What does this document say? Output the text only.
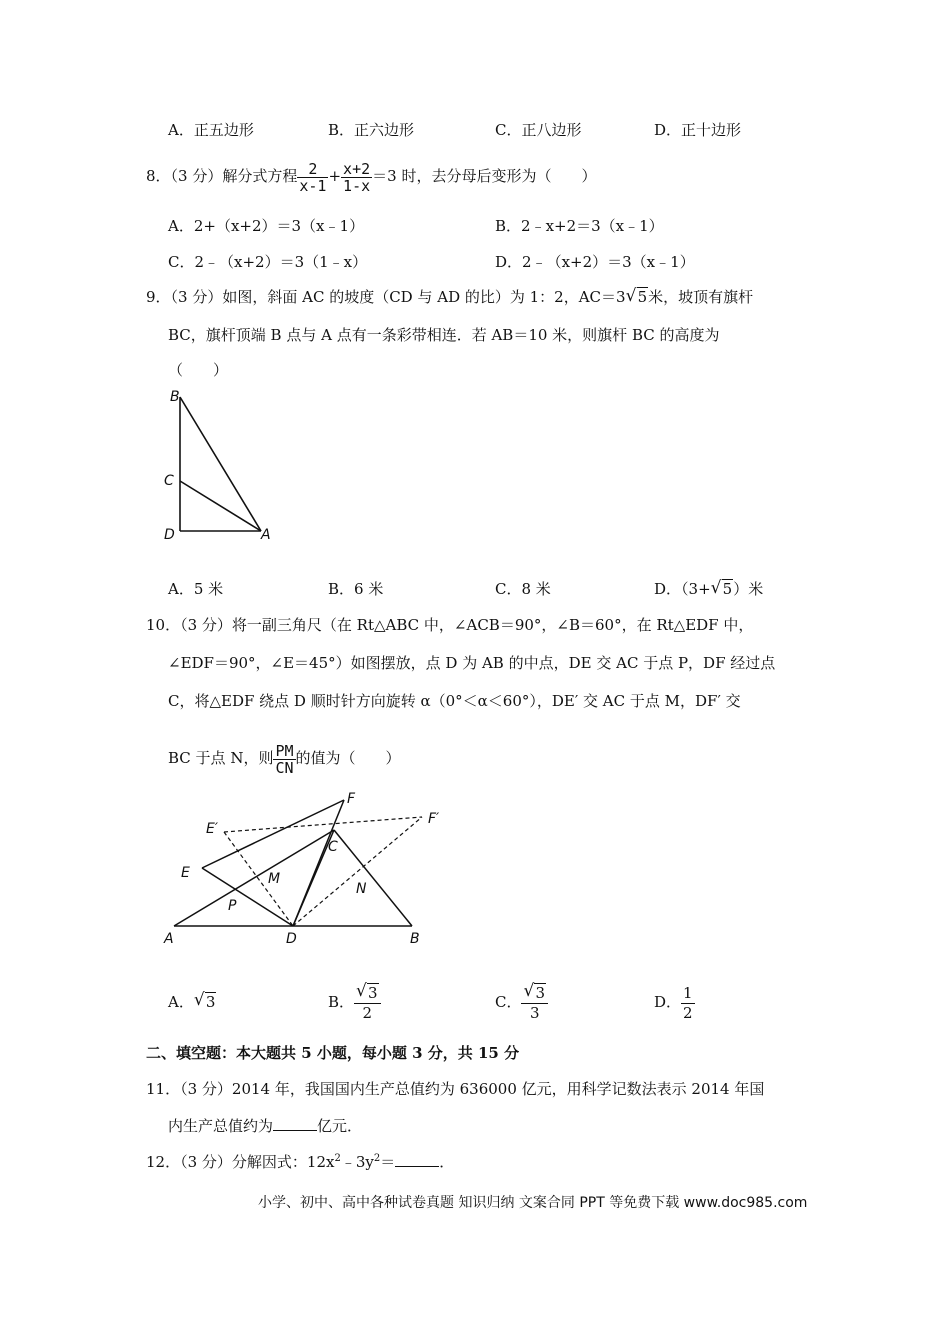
A．正五边形	B．正六边形	C．正八边形	D．正十边形
8．（3 分）解分式方程 $\frac{2}{x-1} + \frac{x+2}{1-x} =3$ 时，去分母后变形为（　　）
A．2+（x+2）＝3（x﹣1）	B．2﹣x+2＝3（x﹣1）
C．2﹣（x+2）＝3（1﹣x）	D．2﹣（x+2）＝3（x﹣1）
9．（3 分）如图，斜面 AC 的坡度（CD 与 AD 的比）为 1：2，AC＝3 √ 5米，坡顶有旗杆
BC，旗杆顶端 B 点与 A 点有一条彩带相连．若 AB＝10 米，则旗杆 BC 的高度为
（　　）
B
C
D	A
A．5 米	B．6 米	C．8 米	D．（3+ √ 5）米
10．（3 分）将一副三角尺（在 Rt△ABC 中，∠ACB＝90°，∠B＝60°，在 Rt△EDF 中，
∠EDF＝90°，∠E＝45°）如图摆放，点 D 为 AB 的中点，DE 交 AC 于点 P，DF 经过点
C，将△EDF 绕点 D 顺时针方向旋转 α（0°＜α＜60°），DE′ 交 AC 于点 M，DF′ 交
BC 于点 N，则 $\frac{PM}{CN}$ 的值为（　　）
F
E′
F′
C
E	M
N
P
A	D	B
A． √ 3	B． $\frac{√ 3}{2}$	C． $\frac{√ 3}{3}$	D． $\frac{1}{2}$
二、填空题：本大题共 5 小题，每小题 3 分，共 15 分
11．（3 分）2014 年，我国国内生产总值约为 636000 亿元，用科学记数法表示 2014 年国
内生产总值约为	亿元．
12．（3 分）分解因式：$12x^2﹣3y^2=$	．
小学、初中、高中各种试卷真题 知识归纳 文案合同 PPT 等免费下载 www.doc985.com
